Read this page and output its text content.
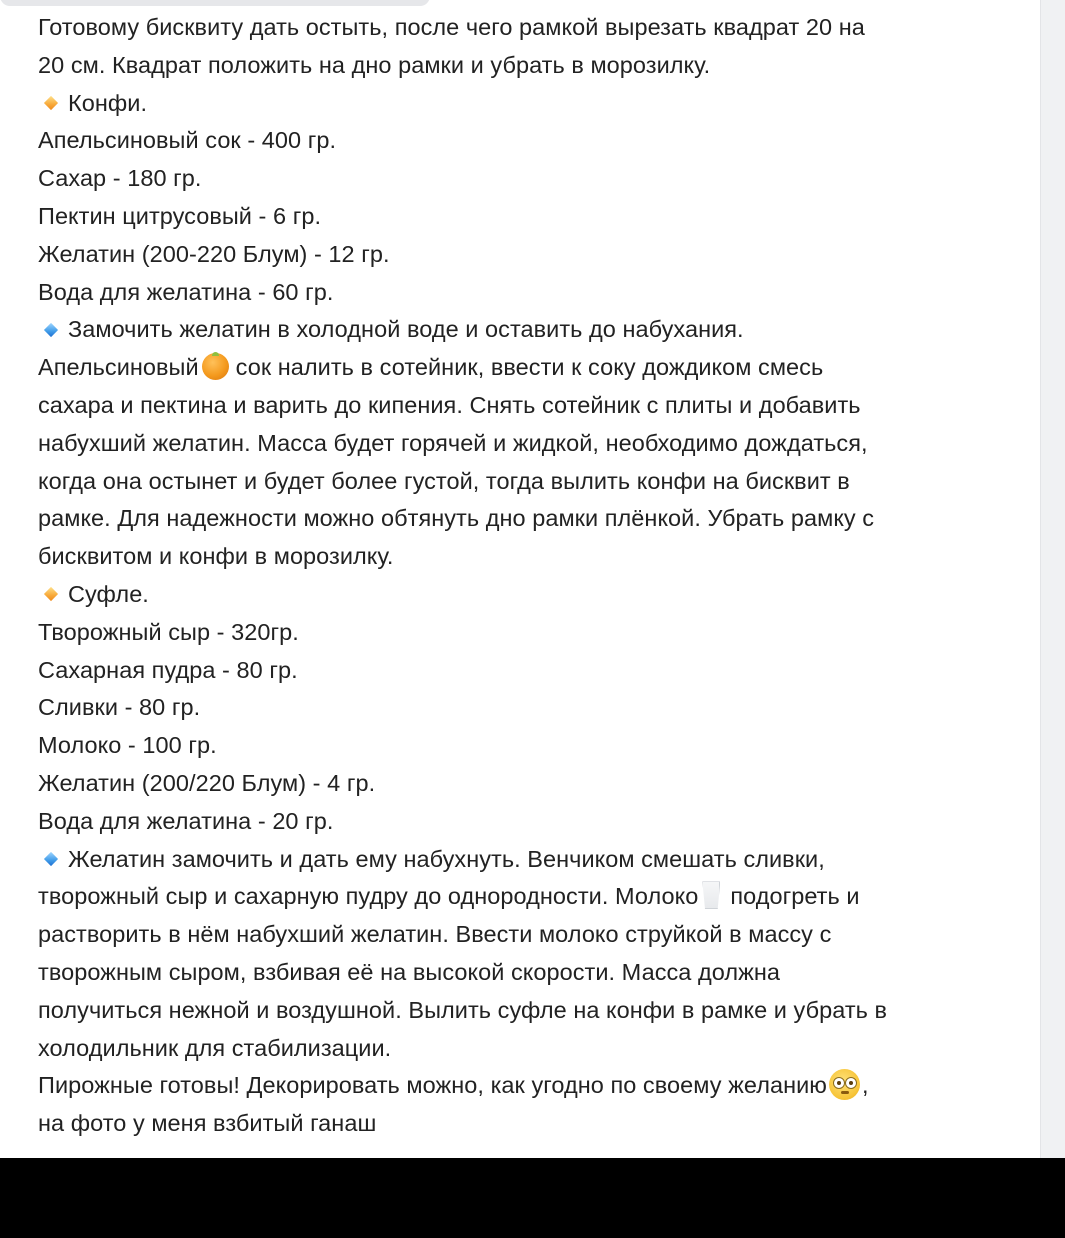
Готовому бисквиту дать остыть, после чего рамкой вырезать квадрат 20 на
20 см. Квадрат положить на дно рамки и убрать в морозилку.
Конфи.
Апельсиновый сок - 400 гр.
Сахар - 180 гр.
Пектин цитрусовый - 6 гр.
Желатин (200-220 Блум) - 12 гр.
Вода для желатина - 60 гр.
Замочить желатин в холодной воде и оставить до набухания.
Апельсиновый сок налить в сотейник, ввести к соку дождиком смесь
сахара и пектина и варить до кипения. Снять сотейник с плиты и добавить
набухший желатин. Масса будет горячей и жидкой, необходимо дождаться,
когда она остынет и будет более густой, тогда вылить конфи на бисквит в
рамке. Для надежности можно обтянуть дно рамки плёнкой. Убрать рамку с
бисквитом и конфи в морозилку.
Суфле.
Творожный сыр - 320гр.
Сахарная пудра - 80 гр.
Сливки - 80 гр.
Молоко - 100 гр.
Желатин (200/220 Блум) - 4 гр.
Вода для желатина - 20 гр.
Желатин замочить и дать ему набухнуть. Венчиком смешать сливки,
творожный сыр и сахарную пудру до однородности. Молоко подогреть и
растворить в нём набухший желатин. Ввести молоко струйкой в массу с
творожным сыром, взбивая её на высокой скорости. Масса должна
получиться нежной и воздушной. Вылить суфле на конфи в рамке и убрать в
холодильник для стабилизации.
Пирожные готовы! Декорировать можно, как угодно по своему желанию ,
на фото у меня взбитый ганаш
